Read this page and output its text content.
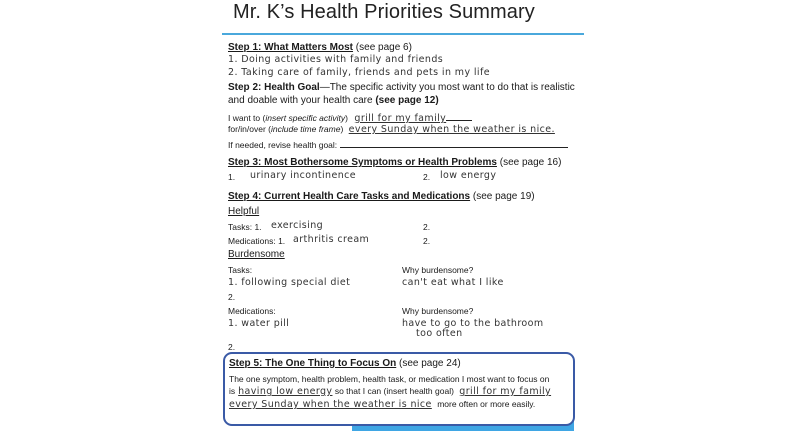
Mr. K’s Health Priorities Summary
Step 1: What Matters Most (see page 6)
1. Doing activities with family and friends
2. Taking care of family, friends and pets in my life
Step 2: Health Goal—The specific activity you most want to do that is realistic
and doable with your health care (see page 12)
I want to (insert specific activity) grill for my family
for/in/over (include time frame) every Sunday when the weather is nice.
If needed, revise health goal:
Step 3: Most Bothersome Symptoms or Health Problems (see page 16)
1. urinary incontinence	2. low energy
Step 4: Current Health Care Tasks and Medications (see page 19)
Helpful
Tasks: 1. exercising	2.
Medications: 1. arthritis cream	2.
Burdensome
Tasks:	Why burdensome?
1. following special diet	can't eat what I like
2.
Medications:	Why burdensome?
1. water pill	have to go to the bathroom
too often
2.
Step 5: The One Thing to Focus On (see page 24)
The one symptom, health problem, health task, or medication I most want to focus on
is having low energy so that I can (insert health goal) grill for my family
every Sunday when the weather is nice more often or more easily.
